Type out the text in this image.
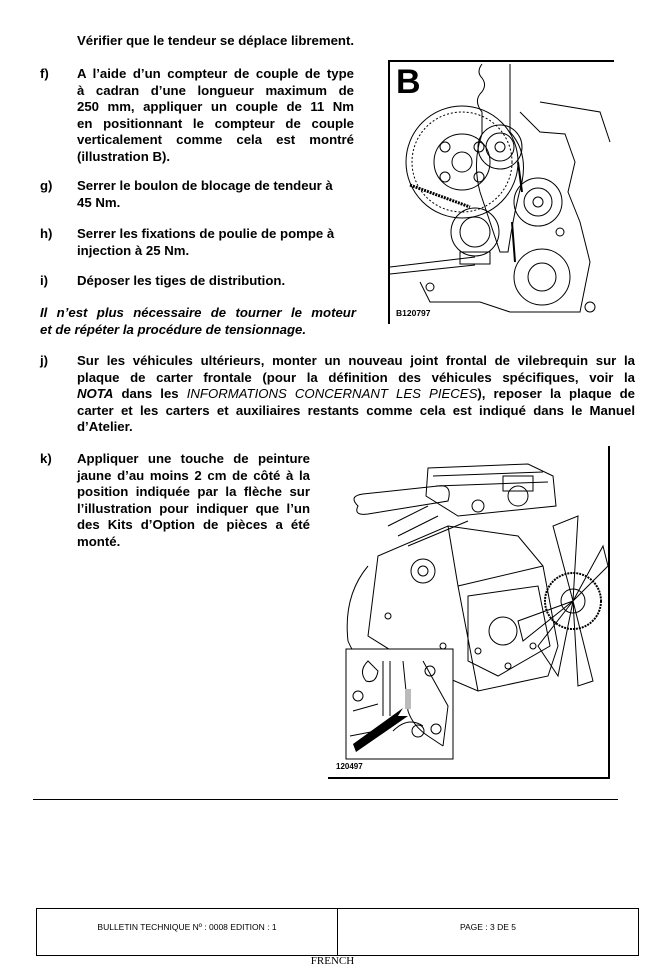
Vérifier que le tendeur se déplace librement.
f) A l’aide d’un compteur de couple de type
à cadran d’une longueur maximum de
250 mm, appliquer un couple de 11 Nm
en positionnant le compteur de couple
verticalement comme cela est montré
(illustration B).
g) Serrer le boulon de blocage de tendeur à
45 Nm.
h) Serrer les fixations de poulie de pompe à
injection à 25 Nm.
i) Déposer les tiges de distribution.
Il n’est plus nécessaire de tourner le moteur
et de répéter la procédure de tensionnage.
B
B120797
j) Sur les véhicules ultérieurs, monter un nouveau joint frontal de vilebrequin sur la
plaque de carter frontale (pour la définition des véhicules spécifiques, voir la
NOTA dans les INFORMATIONS CONCERNANT LES PIECES), reposer la plaque de
carter et les carters et auxiliaires restants comme cela est indiqué dans le Manuel
d’Atelier.
k) Appliquer une touche de peinture
jaune d’au moins 2 cm de côté à la
position indiquée par la flèche sur
l’illustration pour indiquer que l’un
des Kits d’Option de pièces a été
monté.
120497
BULLETIN TECHNIQUE Nº : 0008 EDITION : 1	PAGE : 3 DE 5
FRENCH
